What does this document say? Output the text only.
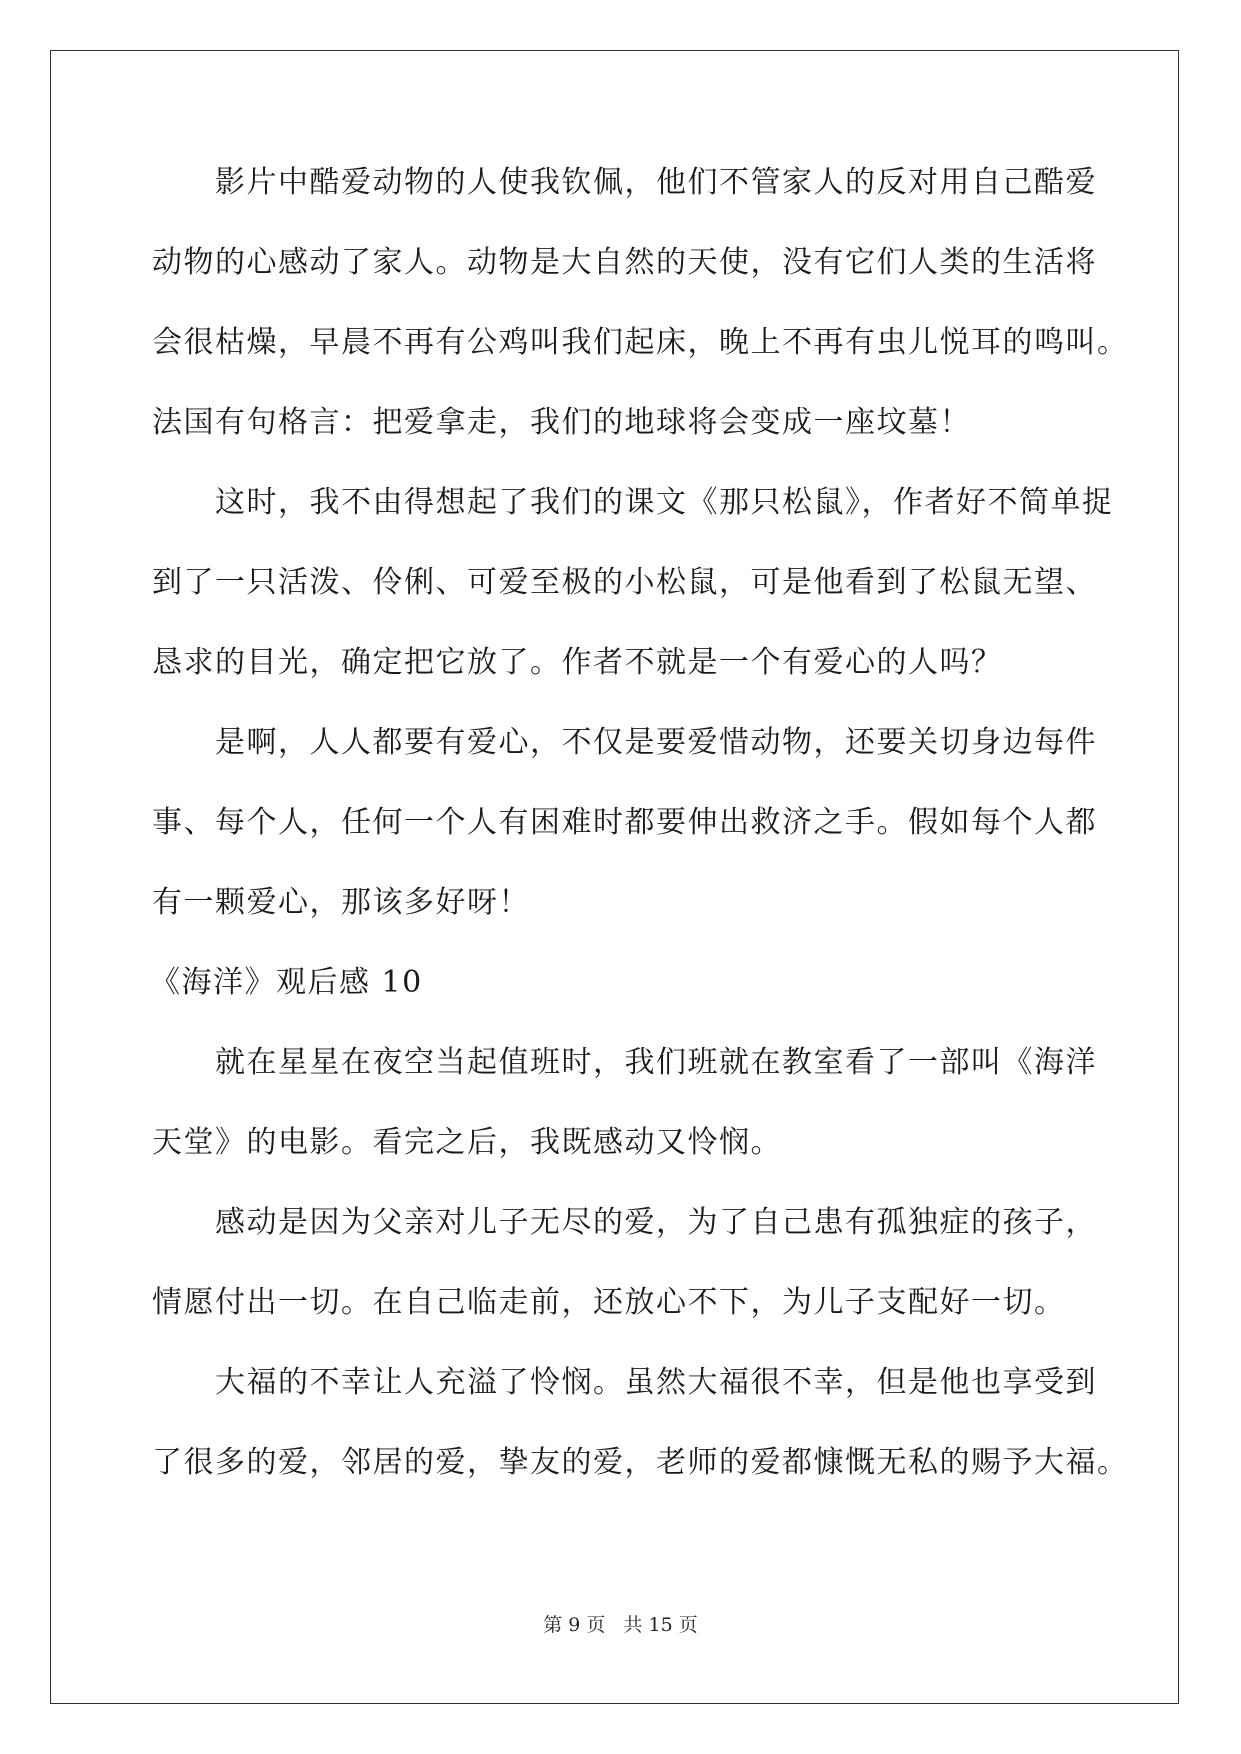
影片中酷爱动物的人使我钦佩，他们不管家人的反对用自己酷爱
动物的心感动了家人。动物是大自然的天使，没有它们人类的生活将
会很枯燥，早晨不再有公鸡叫我们起床，晚上不再有虫儿悦耳的鸣叫。
法国有句格言：把爱拿走，我们的地球将会变成一座坟墓！
这时，我不由得想起了我们的课文《那只松鼠》，作者好不简单捉
到了一只活泼、伶俐、可爱至极的小松鼠，可是他看到了松鼠无望、
恳求的目光，确定把它放了。作者不就是一个有爱心的人吗？
是啊，人人都要有爱心，不仅是要爱惜动物，还要关切身边每件
事、每个人，任何一个人有困难时都要伸出救济之手。假如每个人都
有一颗爱心，那该多好呀！
《海洋》观后感 10
就在星星在夜空当起值班时，我们班就在教室看了一部叫《海洋
天堂》的电影。看完之后，我既感动又怜悯。
感动是因为父亲对儿子无尽的爱，为了自己患有孤独症的孩子，
情愿付出一切。在自己临走前，还放心不下，为儿子支配好一切。
大福的不幸让人充溢了怜悯。虽然大福很不幸，但是他也享受到
了很多的爱，邻居的爱，挚友的爱，老师的爱都慷慨无私的赐予大福。
第 9 页 共 15 页
